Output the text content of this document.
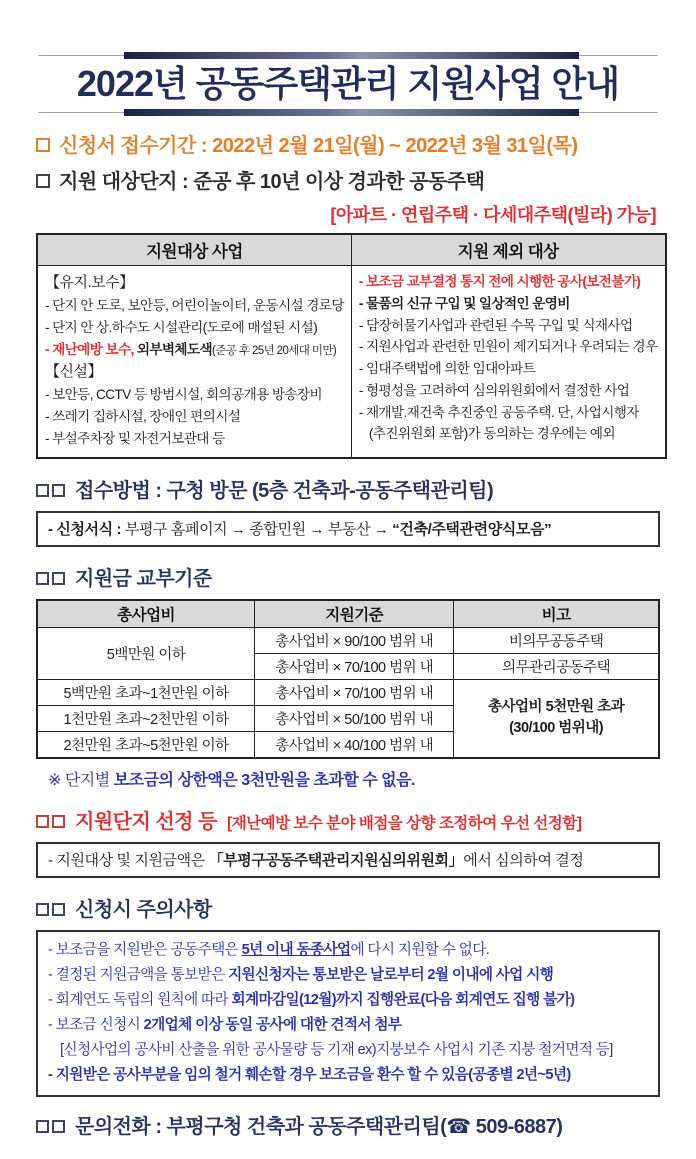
2022년 공동주택관리 지원사업 안내
신청서 접수기간 : 2022년 2월 21일(월) ~ 2022년 3월 31일(목)
지원 대상단지 : 준공 후 10년 이상 경과한 공동주택
[아파트 · 연립주택 · 다세대주택(빌라) 가능]
지원대상 사업	지원 제외 대상

【유지.보수】
- 단지 안 도로, 보안등, 어린이놀이터, 운동시설 경로당
- 단지 안 상.하수도 시설관리(도로에 매설된 시설)
- 재난예방 보수, 외부벽체도색(준공 후 25년 20세대 미만)
【신설】
- 보안등, CCTV 등 방범시설, 회의공개용 방송장비
- 쓰레기 집하시설, 장애인 편의시설
- 부설주차장 및 자전거보관대 등

- 보조금 교부결정 통지 전에 시행한 공사(보전불가)
- 물품의 신규 구입 및 일상적인 운영비
- 담장허물기사업과 관련된 수목 구입 및 식재사업
- 지원사업과 관련한 민원이 제기되거나 우려되는 경우
- 임대주택법에 의한 임대아파트
- 형평성을 고려하여 심의위원회에서 결정한 사업
- 재개발.재건축 추진중인 공동주택. 단, 사업시행자 (추진위원회 포함)가 동의하는 경우에는 예외
접수방법 : 구청 방문 (5층 건축과-공동주택관리팀)
- 신청서식 : 부평구 홈페이지 → 종합민원 → 부동산 → “건축/주택관련양식모음”
지원금 교부기준
총사업비	지원기준	비고
5백만원 이하	총사업비 × 90/100 범위 내	비의무공동주택
	총사업비 × 70/100 범위 내	의무관리공동주택
5백만원 초과~1천만원 이하	총사업비 × 70/100 범위 내	총사업비 5천만원 초과
(30/100 범위내)

1천만원 초과~2천만원 이하	총사업비 × 50/100 범위 내	
2천만원 초과~5천만원 이하	총사업비 × 40/100 범위 내	
※ 단지별 보조금의 상한액은 3천만원을 초과할 수 없음.
지원단지 선정 등 [재난예방 보수 분야 배점을 상향 조정하여 우선 선정함]
- 지원대상 및 지원금액은 「부평구공동주택관리지원심의위원회」에서 심의하여 결정
신청시 주의사항
- 보조금을 지원받은 공동주택은 5년 이내 동종사업에 다시 지원할 수 없다.
- 결정된 지원금액을 통보받은 지원신청자는 통보받은 날로부터 2월 이내에 사업 시행
- 회계연도 독립의 원칙에 따라 회계마감일(12월)까지 집행완료(다음 회계연도 집행 불가)
- 보조금 신청시 2개업체 이상 동일 공사에 대한 견적서 첨부
[신청사업의 공사비 산출을 위한 공사물량 등 기재 ex)지붕보수 사업시 기존 지붕 철거면적 등]
- 지원받은 공사부분을 임의 철거 훼손할 경우 보조금을 환수 할 수 있음(공종별 2년~5년)
문의전화 : 부평구청 건축과 공동주택관리팀(☎ 509-6887)
